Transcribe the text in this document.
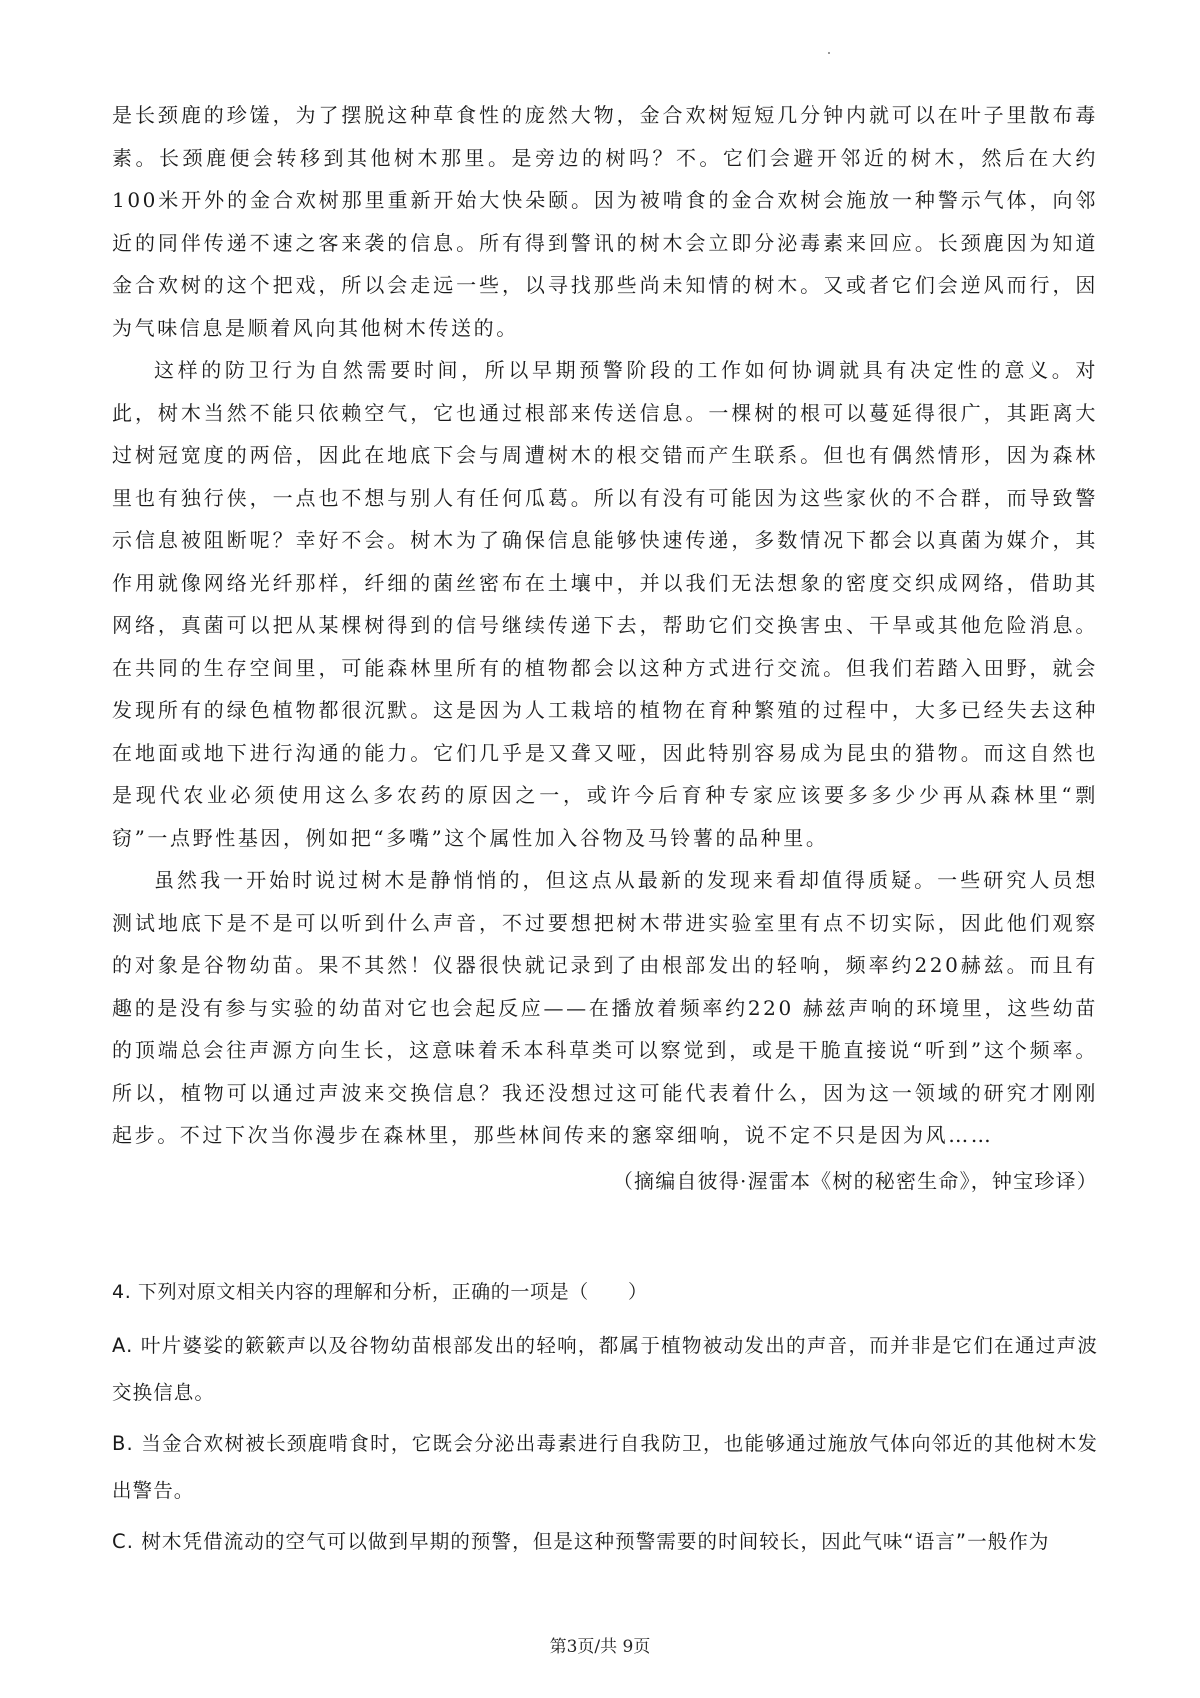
是长颈鹿的珍馐，为了摆脱这种草食性的庞然大物，金合欢树短短几分钟内就可以在叶子里散布毒素。长颈鹿便会转移到其他树木那里。是旁边的树吗？不。它们会避开邻近的树木，然后在大约100米开外的金合欢树那里重新开始大快朵颐。因为被啃食的金合欢树会施放一种警示气体，向邻近的同伴传递不速之客来袭的信息。所有得到警讯的树木会立即分泌毒素来回应。长颈鹿因为知道金合欢树的这个把戏，所以会走远一些，以寻找那些尚未知情的树木。又或者它们会逆风而行，因为气味信息是顺着风向其他树木传送的。

这样的防卫行为自然需要时间，所以早期预警阶段的工作如何协调就具有决定性的意义。对此，树木当然不能只依赖空气，它也通过根部来传送信息。一棵树的根可以蔓延得很广，其距离大过树冠宽度的两倍，因此在地底下会与周遭树木的根交错而产生联系。但也有偶然情形，因为森林里也有独行侠，一点也不想与别人有任何瓜葛。所以有没有可能因为这些家伙的不合群，而导致警示信息被阻断呢？幸好不会。树木为了确保信息能够快速传递，多数情况下都会以真菌为媒介，其作用就像网络光纤那样，纤细的菌丝密布在土壤中，并以我们无法想象的密度交织成网络，借助其网络，真菌可以把从某棵树得到的信号继续传递下去，帮助它们交换害虫、干旱或其他危险消息。在共同的生存空间里，可能森林里所有的植物都会以这种方式进行交流。但我们若踏入田野，就会发现所有的绿色植物都很沉默。这是因为人工栽培的植物在育种繁殖的过程中，大多已经失去这种在地面或地下进行沟通的能力。它们几乎是又聋又哑，因此特别容易成为昆虫的猎物。而这自然也是现代农业必须使用这么多农药的原因之一，或许今后育种专家应该要多多少少再从森林里“剽窃”一点野性基因，例如把“多嘴”这个属性加入谷物及马铃薯的品种里。

虽然我一开始时说过树木是静悄悄的，但这点从最新的发现来看却值得质疑。一些研究人员想测试地底下是不是可以听到什么声音，不过要想把树木带进实验室里有点不切实际，因此他们观察的对象是谷物幼苗。果不其然！仪器很快就记录到了由根部发出的轻响，频率约220赫兹。而且有趣的是没有参与实验的幼苗对它也会起反应——在播放着频率约220 赫兹声响的环境里，这些幼苗的顶端总会往声源方向生长，这意味着禾本科草类可以察觉到，或是干脆直接说“听到”这个频率。所以，植物可以通过声波来交换信息？我还没想过这可能代表着什么，因为这一领域的研究才刚刚起步。不过下次当你漫步在森林里，那些林间传来的窸窣细响，说不定不只是因为风……

（摘编自彼得·渥雷本《树的秘密生命》，钟宝珍译）

4. 下列对原文相关内容的理解和分析，正确的一项是（　　）

A. 叶片婆娑的簌簌声以及谷物幼苗根部发出的轻响，都属于植物被动发出的声音，而并非是它们在通过声波交换信息。

B. 当金合欢树被长颈鹿啃食时，它既会分泌出毒素进行自我防卫，也能够通过施放气体向邻近的其他树木发出警告。

C. 树木凭借流动的空气可以做到早期的预警，但是这种预警需要的时间较长，因此气味“语言”一般作为

第3页/共 9页
